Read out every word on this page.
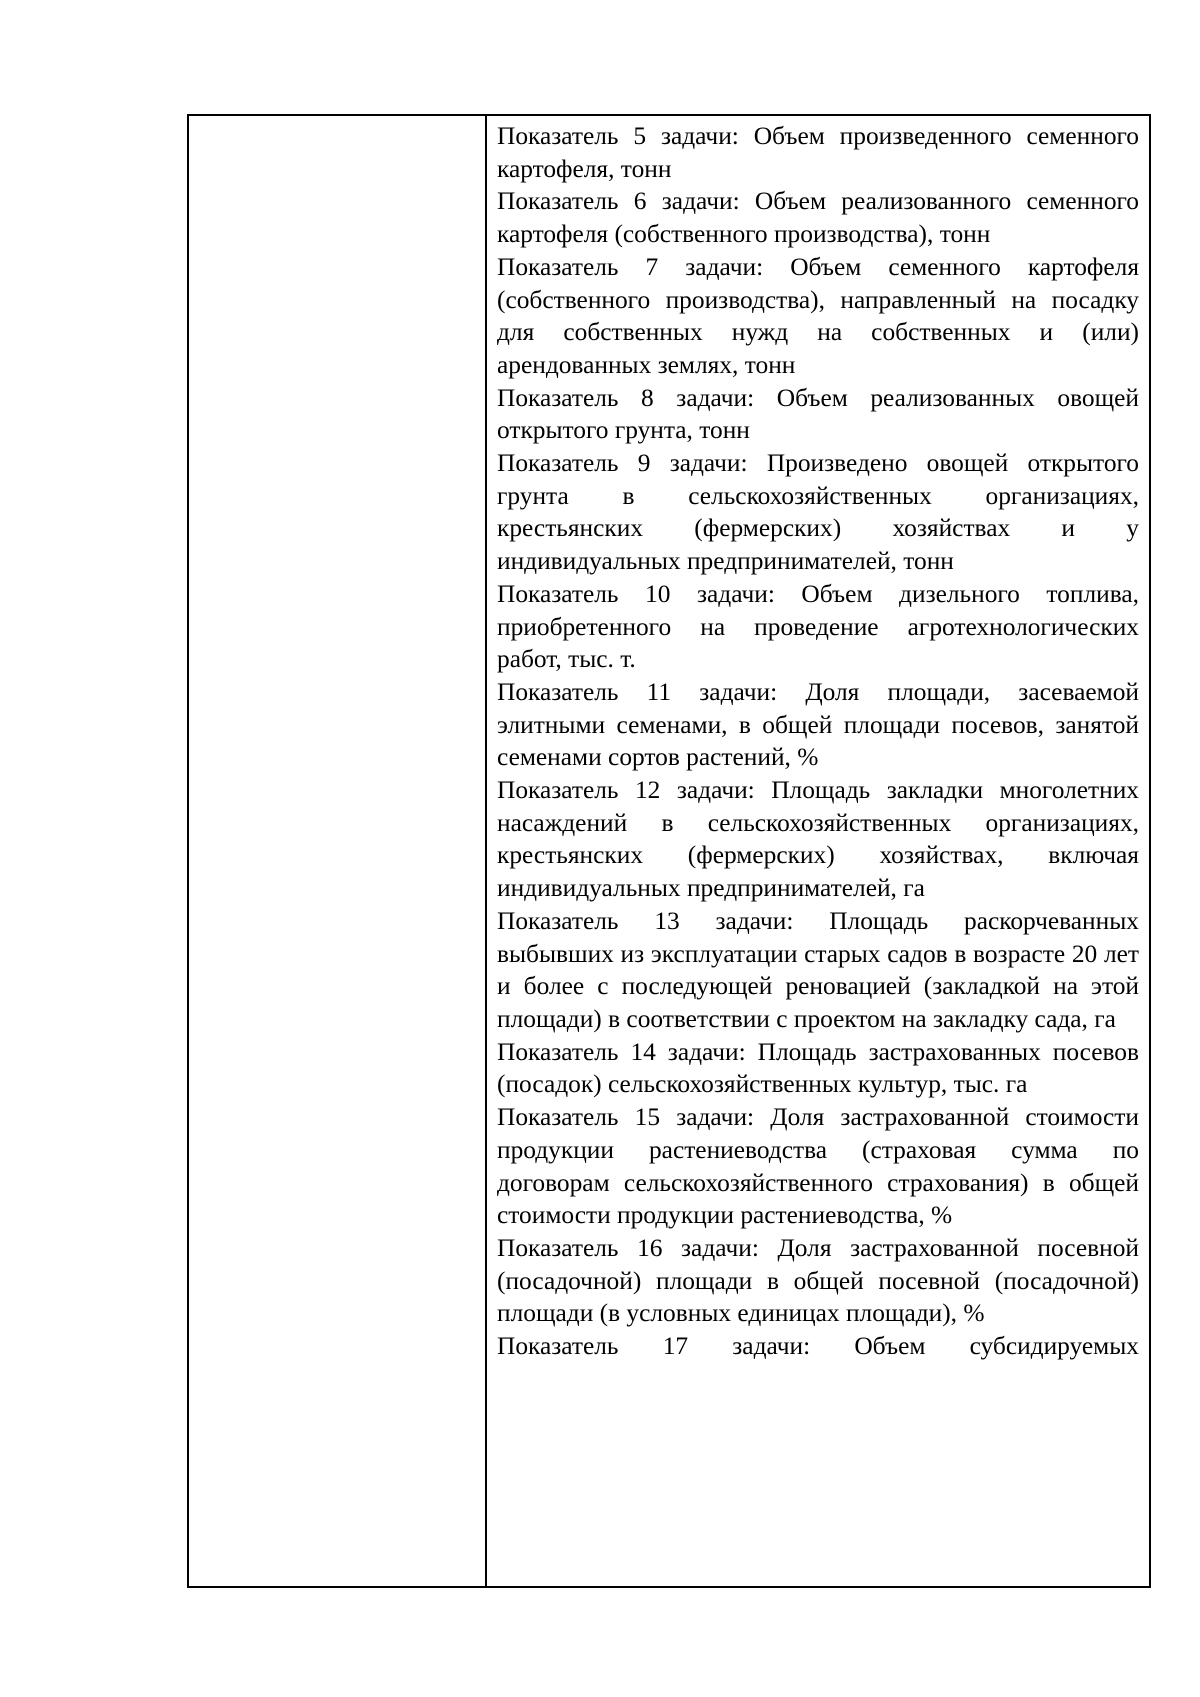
Показатель 5 задачи: Объем произведенного семенного картофеля, тонн

Показатель 6 задачи: Объем реализованного семенного картофеля (собственного производства), тонн

Показатель 7 задачи: Объем семенного картофеля (собственного производства), направленный на посадку для собственных нужд на собственных и (или) арендованных землях, тонн

Показатель 8 задачи: Объем реализованных овощей открытого грунта, тонн

Показатель 9 задачи: Произведено овощей открытого грунта в сельскохозяйственных организациях, крестьянских (фермерских) хозяйствах и у индивидуальных предпринимателей, тонн

Показатель 10 задачи: Объем дизельного топлива, приобретенного на проведение агротехнологических работ, тыс. т.

Показатель 11 задачи: Доля площади, засеваемой элитными семенами, в общей площади посевов, занятой семенами сортов растений, %

Показатель 12 задачи: Площадь закладки многолетних насаждений в сельскохозяйственных организациях, крестьянских (фермерских) хозяйствах, включая индивидуальных предпринимателей, га

Показатель 13 задачи: Площадь раскорчеванных выбывших из эксплуатации старых садов в возрасте 20 лет и более с последующей реновацией (закладкой на этой площади) в соответствии с проектом на закладку сада, га

Показатель 14 задачи: Площадь застрахованных посевов (посадок) сельскохозяйственных культур, тыс. га

Показатель 15 задачи: Доля застрахованной стоимости продукции растениеводства (страховая сумма по договорам сельскохозяйственного страхования) в общей стоимости продукции растениеводства, %

Показатель 16 задачи: Доля застрахованной посевной (посадочной) площади в общей посевной (посадочной) площади (в условных единицах площади), %

Показатель 17 задачи: Объем субсидируемых
